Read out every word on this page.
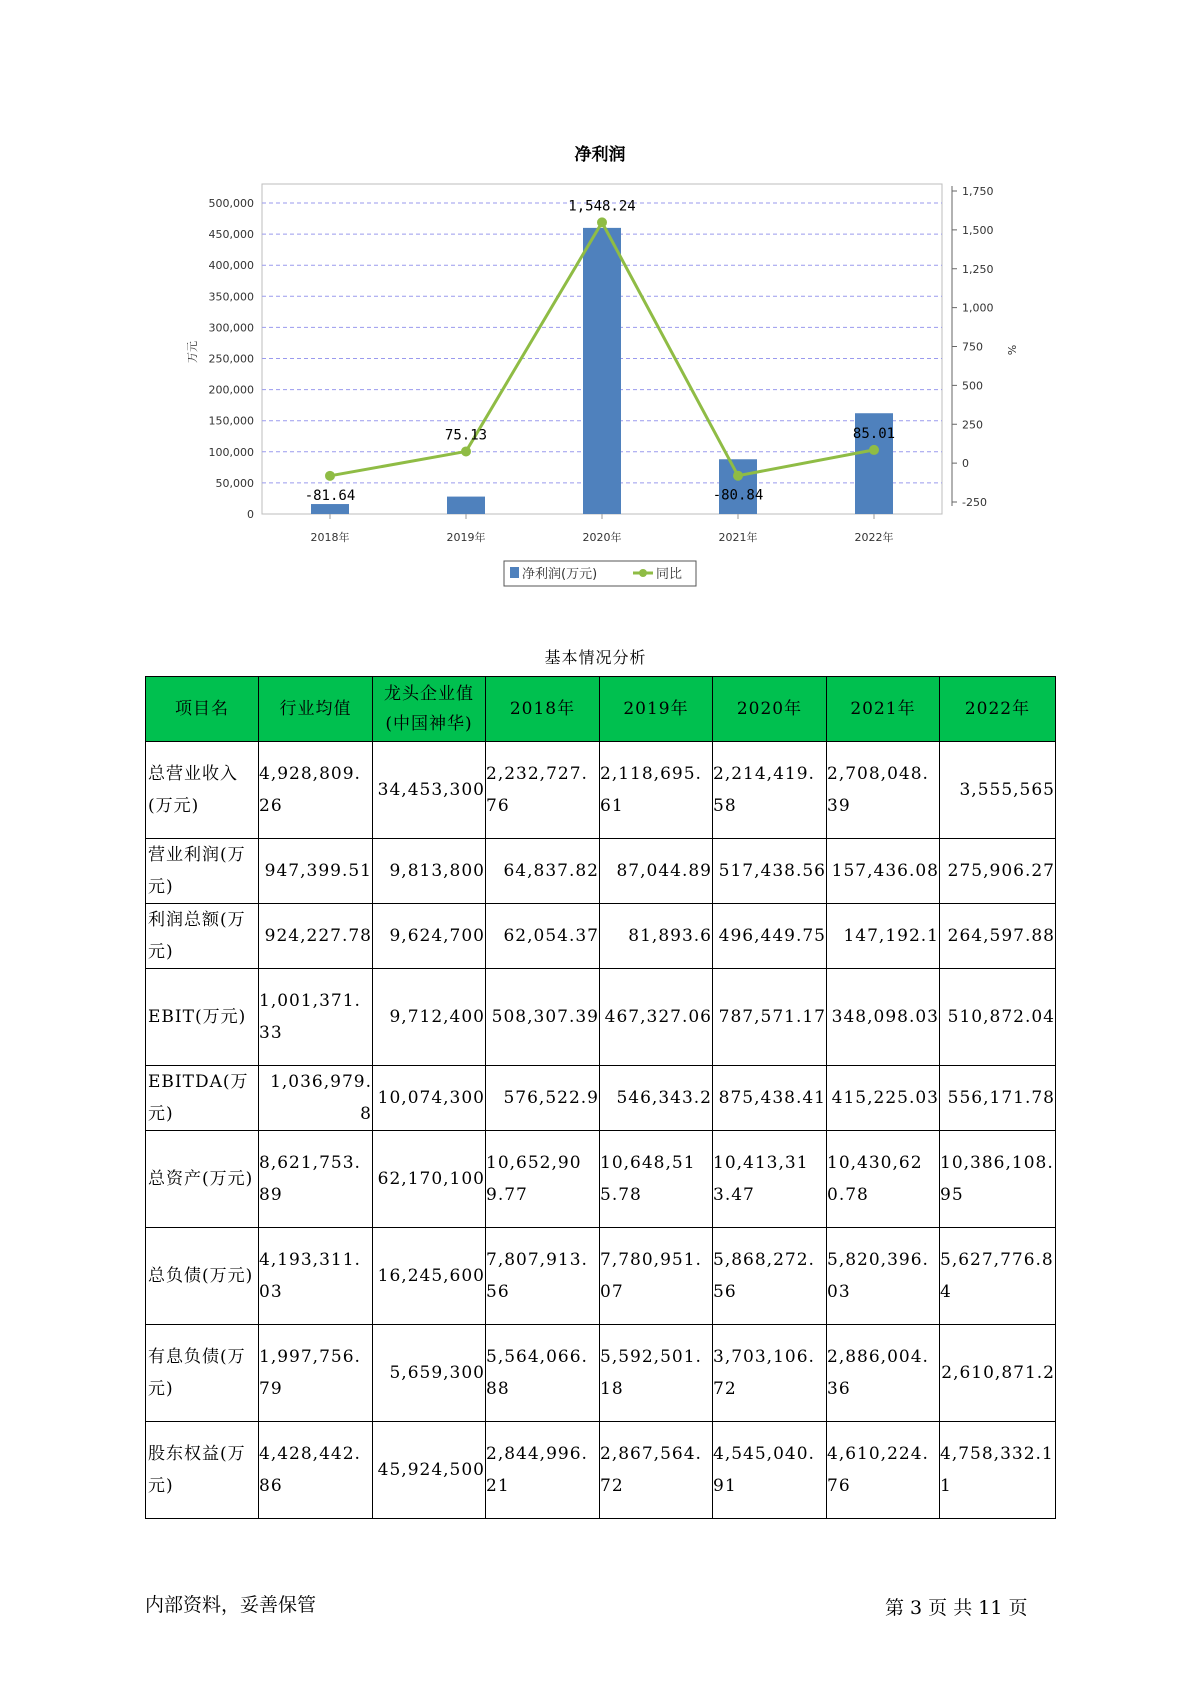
净利润
0
50,000
100,000
150,000
200,000
250,000
300,000
350,000
400,000
450,000
500,000
-250
0
250
500
750
1,000
1,250
1,500
1,750
-81.64
75.13
1,548.24
-80.84
85.01
2018年	2019年	2020年	2021年	2022年
万元	%
净利润(万元)	同比
基本情况分析
项目名	行业均值	龙头企业值(中国神华)	2018年	2019年	2020年	2021年	2022年
总营业收入(万元)	4,928,809.26	34,453,300	2,232,727.76	2,118,695.61	2,214,419.58	2,708,048.39	3,555,565
营业利润(万元)	947,399.51	9,813,800	64,837.82	87,044.89	517,438.56	157,436.08	275,906.27
利润总额(万元)	924,227.78	9,624,700	62,054.37	81,893.6	496,449.75	147,192.1	264,597.88
EBIT(万元)	1,001,371.33	9,712,400	508,307.39	467,327.06	787,571.17	348,098.03	510,872.04
EBITDA(万元)	1,036,979.8	10,074,300	576,522.9	546,343.2	875,438.41	415,225.03	556,171.78
总资产(万元)	8,621,753.89	62,170,100	10,652,909.77	10,648,515.78	10,413,313.47	10,430,620.78	10,386,108.95
总负债(万元)	4,193,311.03	16,245,600	7,807,913.56	7,780,951.07	5,868,272.56	5,820,396.03	5,627,776.84
有息负债(万元)	1,997,756.79	5,659,300	5,564,066.88	5,592,501.18	3,703,106.72	2,886,004.36	2,610,871.2
股东权益(万元)	4,428,442.86	45,924,500	2,844,996.21	2,867,564.72	4,545,040.91	4,610,224.76	4,758,332.11
内部资料，妥善保管	第 3 页 共 11 页
